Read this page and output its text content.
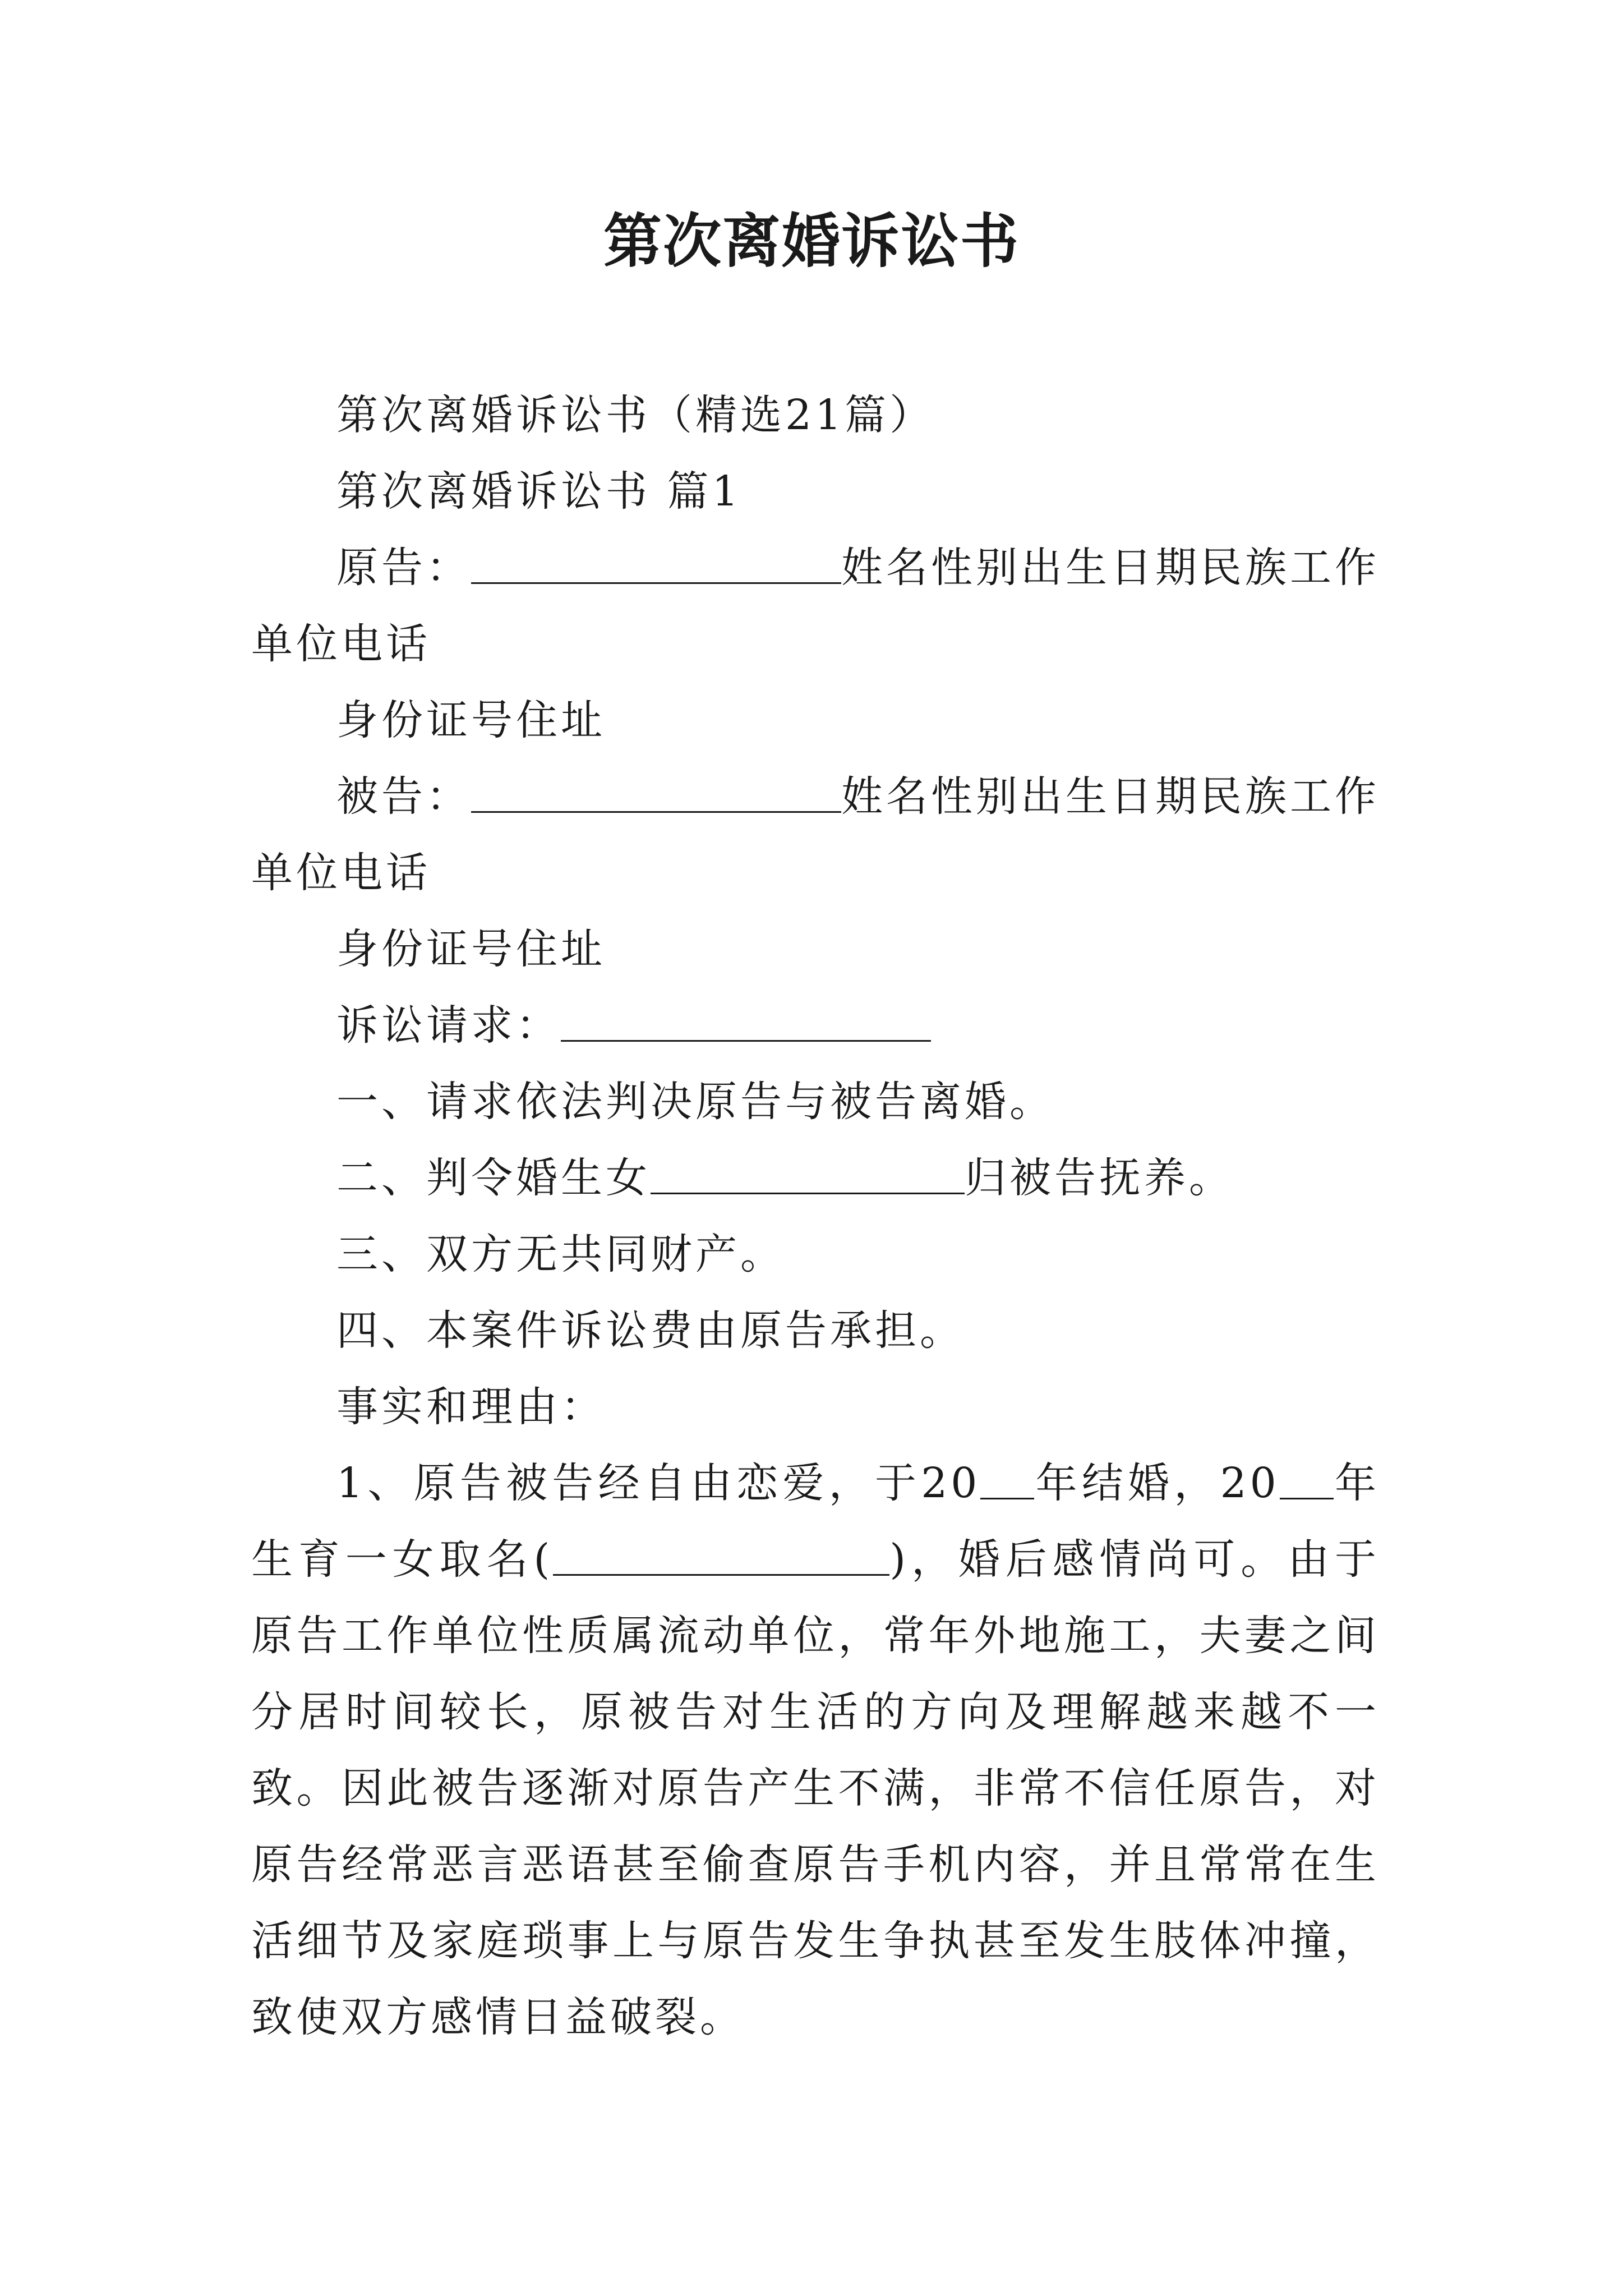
第次离婚诉讼书

第次离婚诉讼书（精选21篇）

第次离婚诉讼书 篇1

原告：	姓名性别出生日期民族工作单位电话

身份证号住址

被告：	姓名性别出生日期民族工作单位电话

身份证号住址

诉讼请求：

一、请求依法判决原告与被告离婚。

二、判令婚生女	归被告抚养。

三、双方无共同财产。

四、本案件诉讼费由原告承担。

事实和理由：

1、原告被告经自由恋爱，于20 年结婚，20 年生育一女取名(	)，婚后感情尚可。由于原告工作单位性质属流动单位，常年外地施工，夫妻之间分居时间较长，原被告对生活的方向及理解越来越不一致。因此被告逐渐对原告产生不满，非常不信任原告，对原告经常恶言恶语甚至偷查原告手机内容，并且常常在生活细节及家庭琐事上与原告发生争执甚至发生肢体冲撞，致使双方感情日益破裂。
